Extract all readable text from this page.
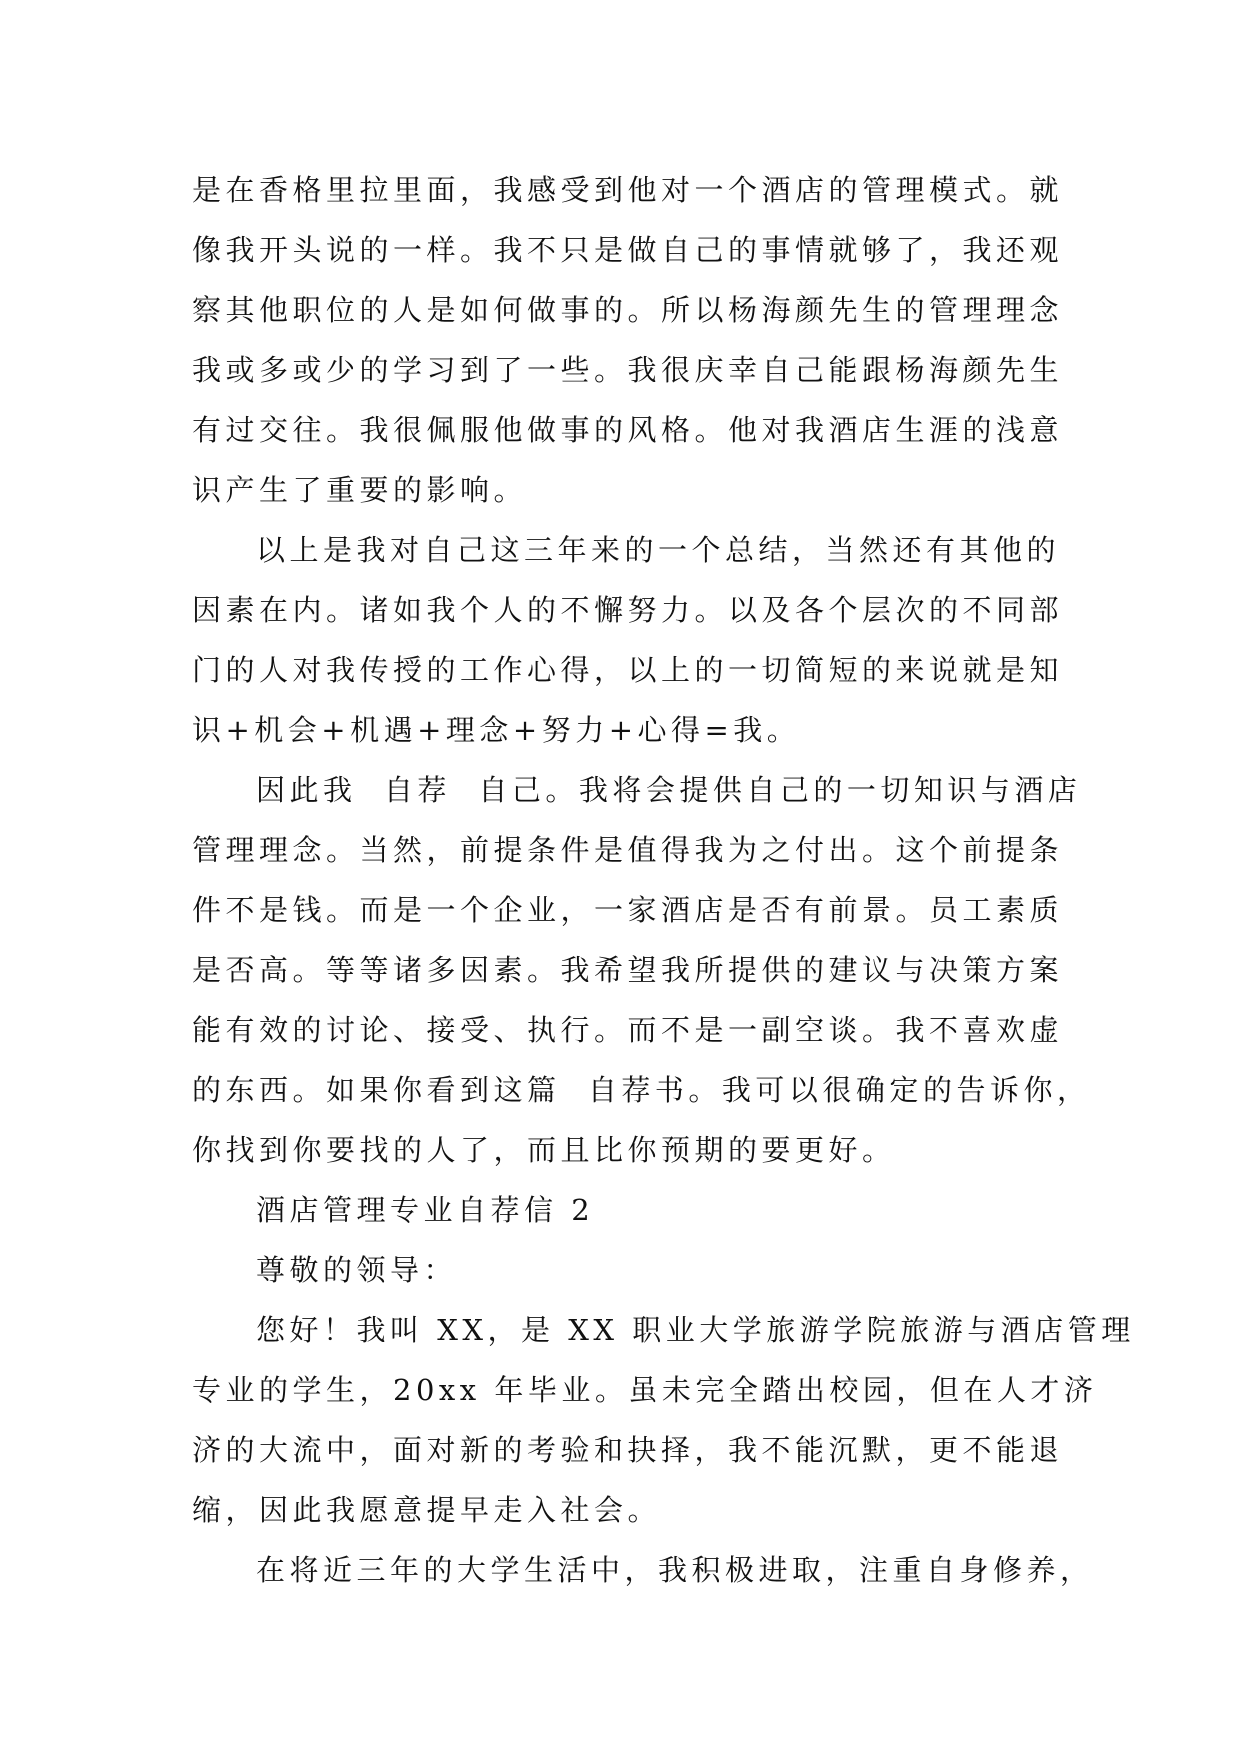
是在香格里拉里面，我感受到他对一个酒店的管理模式。就
像我开头说的一样。我不只是做自己的事情就够了，我还观
察其他职位的人是如何做事的。所以杨海颜先生的管理理念
我或多或少的学习到了一些。我很庆幸自己能跟杨海颜先生
有过交往。我很佩服他做事的风格。他对我酒店生涯的浅意
识产生了重要的影响。
以上是我对自己这三年来的一个总结，当然还有其他的
因素在内。诸如我个人的不懈努力。以及各个层次的不同部
门的人对我传授的工作心得，以上的一切简短的来说就是知
识+机会+机遇+理念+努力+心得=我。
因此我  自荐  自己。我将会提供自己的一切知识与酒店
管理理念。当然，前提条件是值得我为之付出。这个前提条
件不是钱。而是一个企业，一家酒店是否有前景。员工素质
是否高。等等诸多因素。我希望我所提供的建议与决策方案
能有效的讨论、接受、执行。而不是一副空谈。我不喜欢虚
的东西。如果你看到这篇  自荐书。我可以很确定的告诉你，
你找到你要找的人了，而且比你预期的要更好。
酒店管理专业自荐信 2
尊敬的领导：
您好！我叫 XX，是 XX 职业大学旅游学院旅游与酒店管理
专业的学生，20xx 年毕业。虽未完全踏出校园，但在人才济
济的大流中，面对新的考验和抉择，我不能沉默，更不能退
缩，因此我愿意提早走入社会。
在将近三年的大学生活中，我积极进取，注重自身修养，
